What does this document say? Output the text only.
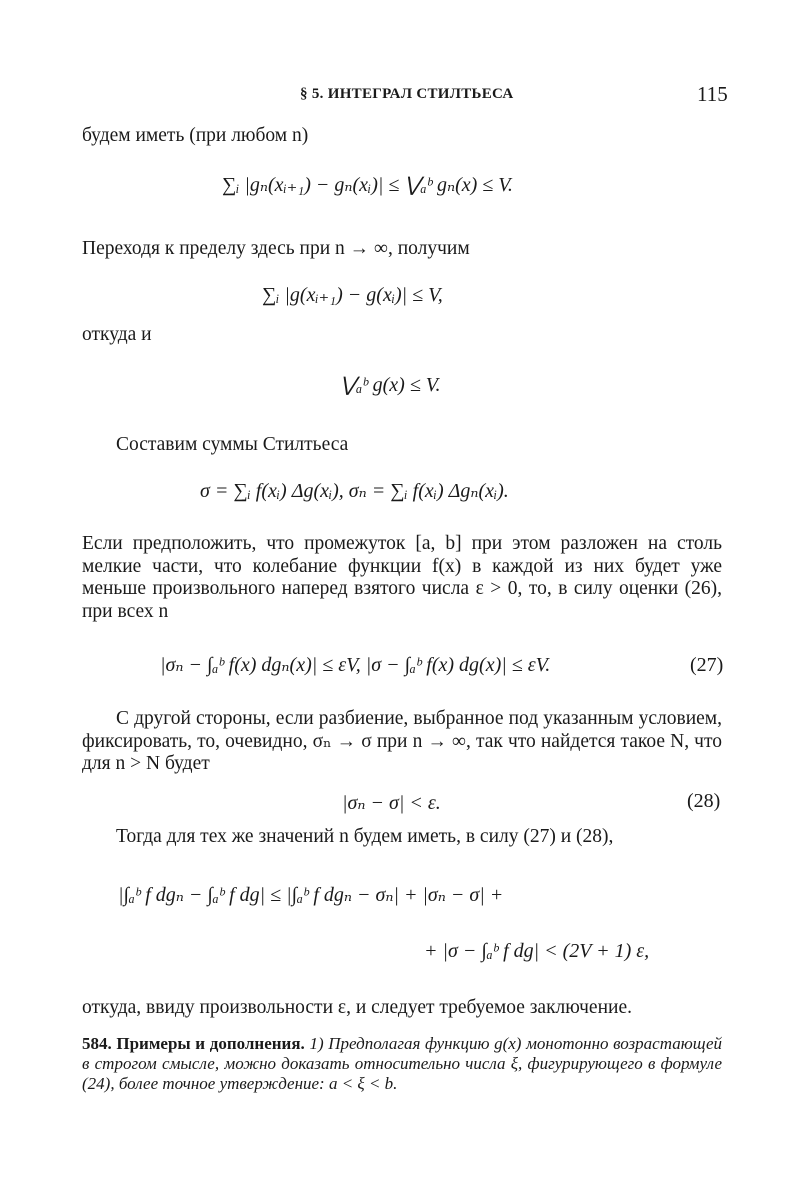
§ 5. ИНТЕГРАЛ СТИЛТЬЕСА	115
будем иметь (при любом n)
∑ᵢ |gₙ(xᵢ₊₁) − gₙ(xᵢ)| ≤ ⋁ₐᵇ gₙ(x) ≤ V.
Переходя к пределу здесь при n → ∞, получим
∑ᵢ |g(xᵢ₊₁) − g(xᵢ)| ≤ V,
откуда и
⋁ₐᵇ g(x) ≤ V.
Составим суммы Стилтьеса
σ = ∑ᵢ f(xᵢ) Δg(xᵢ), σₙ = ∑ᵢ f(xᵢ) Δgₙ(xᵢ).

Если предположить, что промежуток [a, b] при этом разложен на столь мелкие части, что колебание функции f(x) в каждой из них будет уже меньше произвольного наперед взятого числа ε > 0, то, в силу оценки (26), при всех n

|σₙ − ∫ₐᵇ f(x) dgₙ(x)| ≤ εV, |σ − ∫ₐᵇ f(x) dg(x)| ≤ εV.	(27)

С другой стороны, если разбиение, выбранное под указанным условием, фиксировать, то, очевидно, σₙ → σ при n → ∞, так что найдется такое N, что для n > N будет

|σₙ − σ| < ε.	(28)
Тогда для тех же значений n будем иметь, в силу (27) и (28),
|∫ₐᵇ f dgₙ − ∫ₐᵇ f dg| ≤ |∫ₐᵇ f dgₙ − σₙ| + |σₙ − σ| +
+ |σ − ∫ₐᵇ f dg| < (2V + 1) ε,
откуда, ввиду произвольности ε, и следует требуемое заключение.
584. Примеры и дополнения. 1) Предполагая функцию g(x) монотонно возрастающей в строгом смысле, можно доказать относительно числа ξ, фигурирующего в формуле (24), более точное утверждение: a < ξ < b.
